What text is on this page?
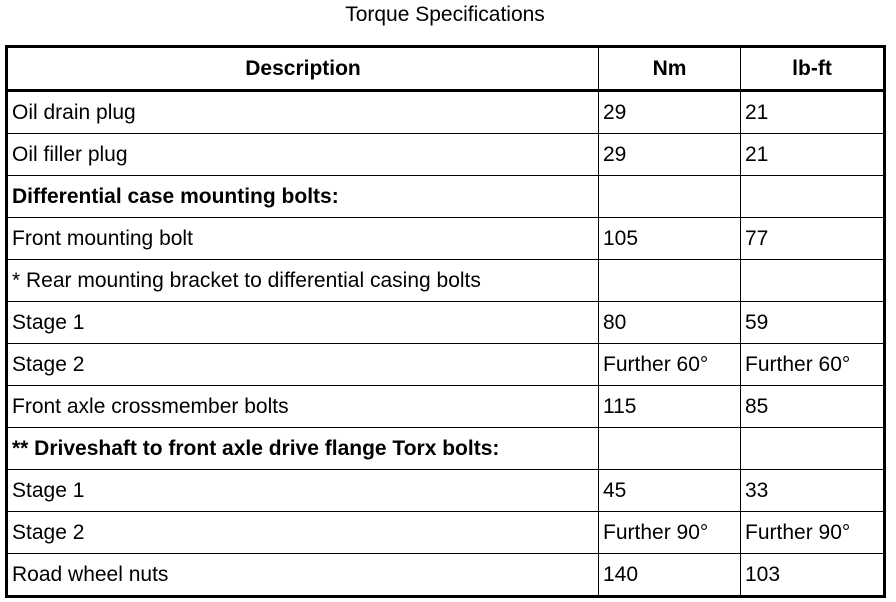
Torque Specifications
Description	Nm	lb-ft
Oil drain plug	29	21
Oil filler plug	29	21
Differential case mounting bolts:		
Front mounting bolt	105	77
* Rear mounting bracket to differential casing bolts		
Stage 1	80	59
Stage 2	Further 60°	Further 60°
Front axle crossmember bolts	115	85
** Driveshaft to front axle drive flange Torx bolts:		
Stage 1	45	33
Stage 2	Further 90°	Further 90°
Road wheel nuts	140	103
